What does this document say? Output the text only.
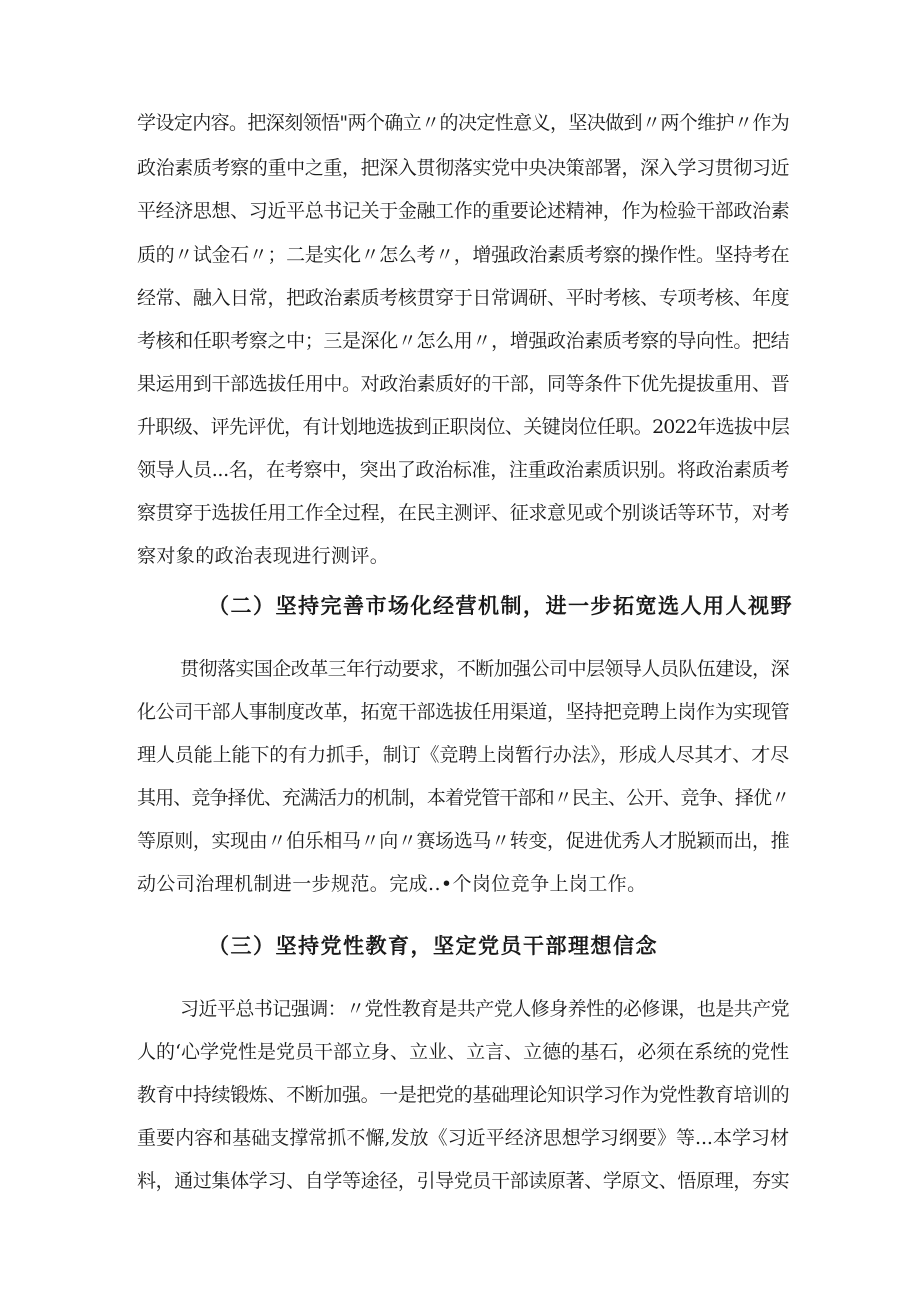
学设定内容。把深刻领悟"两个确立〃的决定性意义，坚决做到〃两个维护〃作为
政治素质考察的重中之重，把深入贯彻落实党中央决策部署，深入学习贯彻习近
平经济思想、习近平总书记关于金融工作的重要论述精神，作为检验干部政治素
质的〃试金石〃；二是实化〃怎么考〃，增强政治素质考察的操作性。坚持考在
经常、融入日常，把政治素质考核贯穿于日常调研、平时考核、专项考核、年度
考核和任职考察之中；三是深化〃怎么用〃，增强政治素质考察的导向性。把结
果运用到干部选拔任用中。对政治素质好的干部，同等条件下优先提拔重用、晋
升职级、评先评优，有计划地选拔到正职岗位、关键岗位任职。2022年选拔中层
领导人员...名，在考察中，突出了政治标准，注重政治素质识别。将政治素质考
察贯穿于选拔任用工作全过程，在民主测评、征求意见或个别谈话等环节，对考
察对象的政治表现进行测评。
（二）坚持完善市场化经营机制，进一步拓宽选人用人视野
贯彻落实国企改革三年行动要求，不断加强公司中层领导人员队伍建设，深
化公司干部人事制度改革，拓宽干部选拔任用渠道，坚持把竞聘上岗作为实现管
理人员能上能下的有力抓手，制订《竞聘上岗暂行办法》，形成人尽其才、才尽
其用、竞争择优、充满活力的机制，本着党管干部和〃民主、公开、竞争、择优〃
等原则，实现由〃伯乐相马〃向〃赛场选马〃转变，促进优秀人才脱颖而出，推
动公司治理机制进一步规范。完成..•个岗位竞争上岗工作。
（三）坚持党性教育，坚定党员干部理想信念
习近平总书记强调：〃党性教育是共产党人修身养性的必修课，也是共产党
人的‘心学党性是党员干部立身、立业、立言、立德的基石，必须在系统的党性
教育中持续锻炼、不断加强。一是把党的基础理论知识学习作为党性教育培训的
重要内容和基础支撑常抓不懈,发放《习近平经济思想学习纲要》等...本学习材
料，通过集体学习、自学等途径，引导党员干部读原著、学原文、悟原理，夯实
